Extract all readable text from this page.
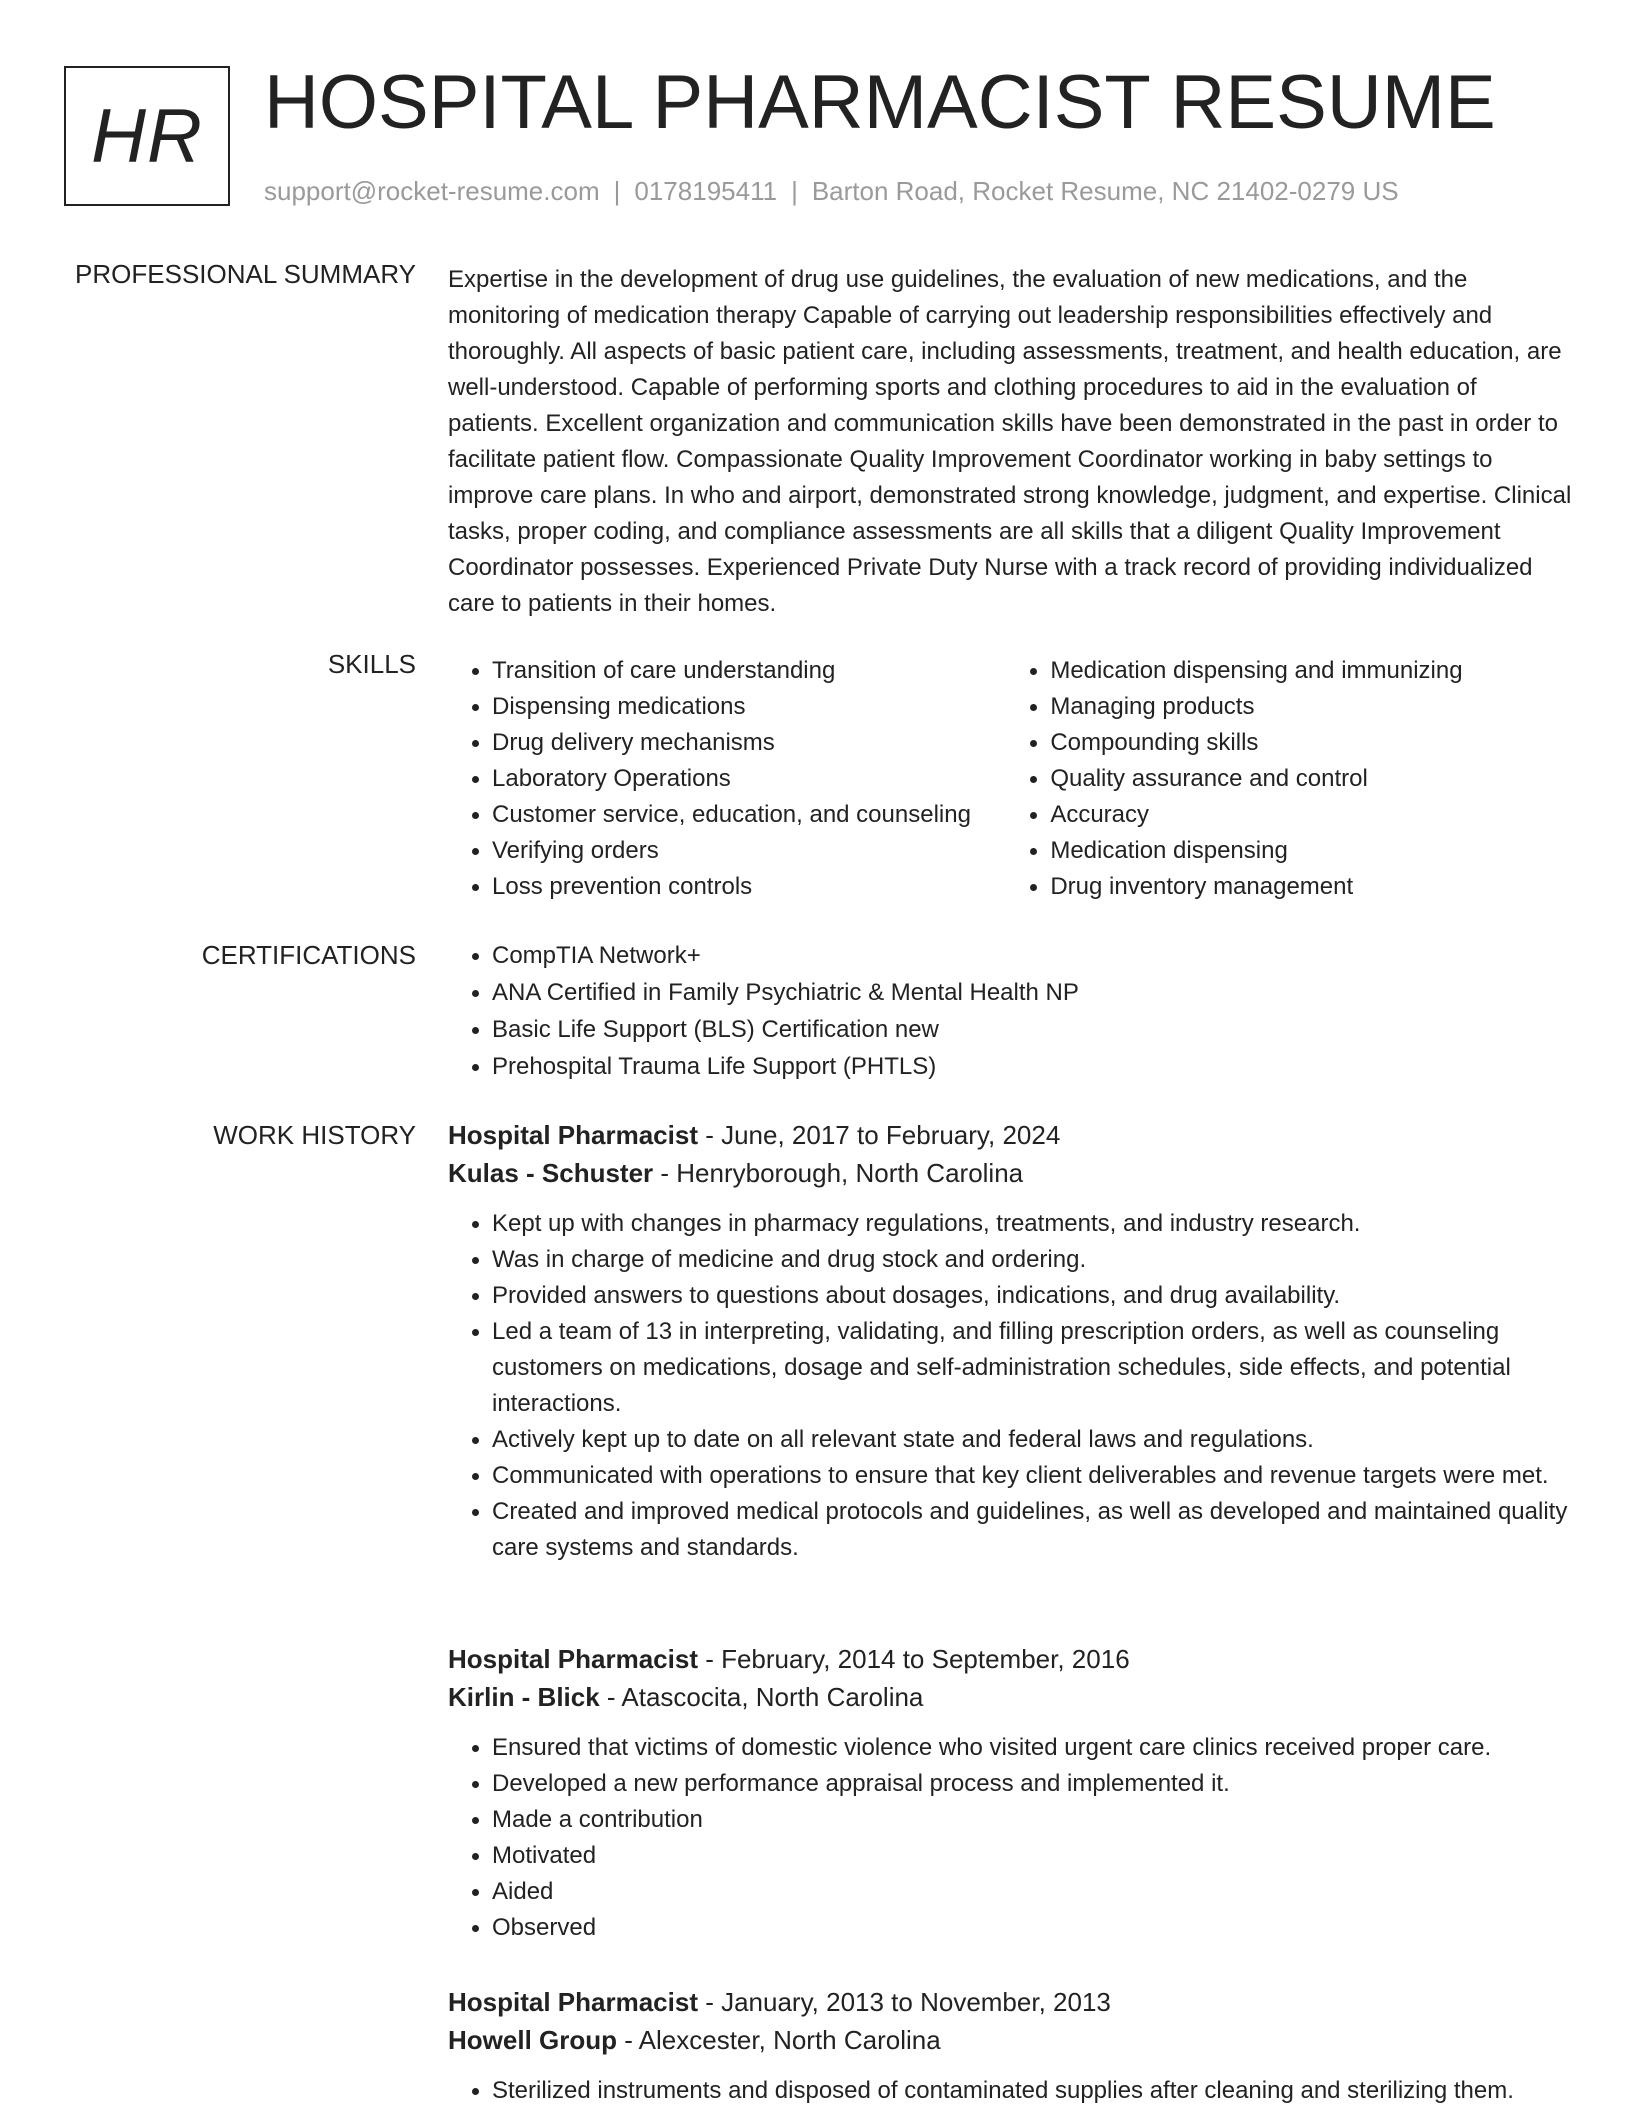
HR HOSPITAL PHARMACIST RESUME
support@rocket-resume.com | 0178195411 | Barton Road, Rocket Resume, NC 21402-0279 US
PROFESSIONAL SUMMARY Expertise in the development of drug use guidelines, the evaluation of new medications, and the monitoring of medication therapy Capable of carrying out leadership responsibilities effectively and thoroughly. All aspects of basic patient care, including assessments, treatment, and health education, are well-understood. Capable of performing sports and clothing procedures to aid in the evaluation of patients. Excellent organization and communication skills have been demonstrated in the past in order to facilitate patient flow. Compassionate Quality Improvement Coordinator working in baby settings to improve care plans. In who and airport, demonstrated strong knowledge, judgment, and expertise. Clinical tasks, proper coding, and compliance assessments are all skills that a diligent Quality Improvement Coordinator possesses. Experienced Private Duty Nurse with a track record of providing individualized care to patients in their homes.

SKILLS	• Transition of care understanding
• Dispensing medications
• Drug delivery mechanisms
• Laboratory Operations
• Customer service, education, and counseling
• Verifying orders
• Loss prevention controls
• Medication dispensing and immunizing
• Managing products
• Compounding skills
• Quality assurance and control
• Accuracy
• Medication dispensing
• Drug inventory management
CERTIFICATIONS	• CompTIA Network+
• ANA Certified in Family Psychiatric & Mental Health NP
• Basic Life Support (BLS) Certification new
• Prehospital Trauma Life Support (PHTLS)
WORK HISTORY Hospital Pharmacist - June, 2017 to February, 2024
Kulas - Schuster - Henryborough, North Carolina
• Kept up with changes in pharmacy regulations, treatments, and industry research.
• Was in charge of medicine and drug stock and ordering.
• Provided answers to questions about dosages, indications, and drug availability.
• Led a team of 13 in interpreting, validating, and filling prescription orders, as well as counseling customers on medications, dosage and self-administration schedules, side effects, and potential interactions.
• Actively kept up to date on all relevant state and federal laws and regulations.
• Communicated with operations to ensure that key client deliverables and revenue targets were met.
• Created and improved medical protocols and guidelines, as well as developed and maintained quality care systems and standards.
Hospital Pharmacist - February, 2014 to September, 2016
Kirlin - Blick - Atascocita, North Carolina
• Ensured that victims of domestic violence who visited urgent care clinics received proper care.
• Developed a new performance appraisal process and implemented it.
• Made a contribution
• Motivated
• Aided
• Observed
Hospital Pharmacist - January, 2013 to November, 2013
Howell Group - Alexcester, North Carolina
• Sterilized instruments and disposed of contaminated supplies after cleaning and sterilizing them.
